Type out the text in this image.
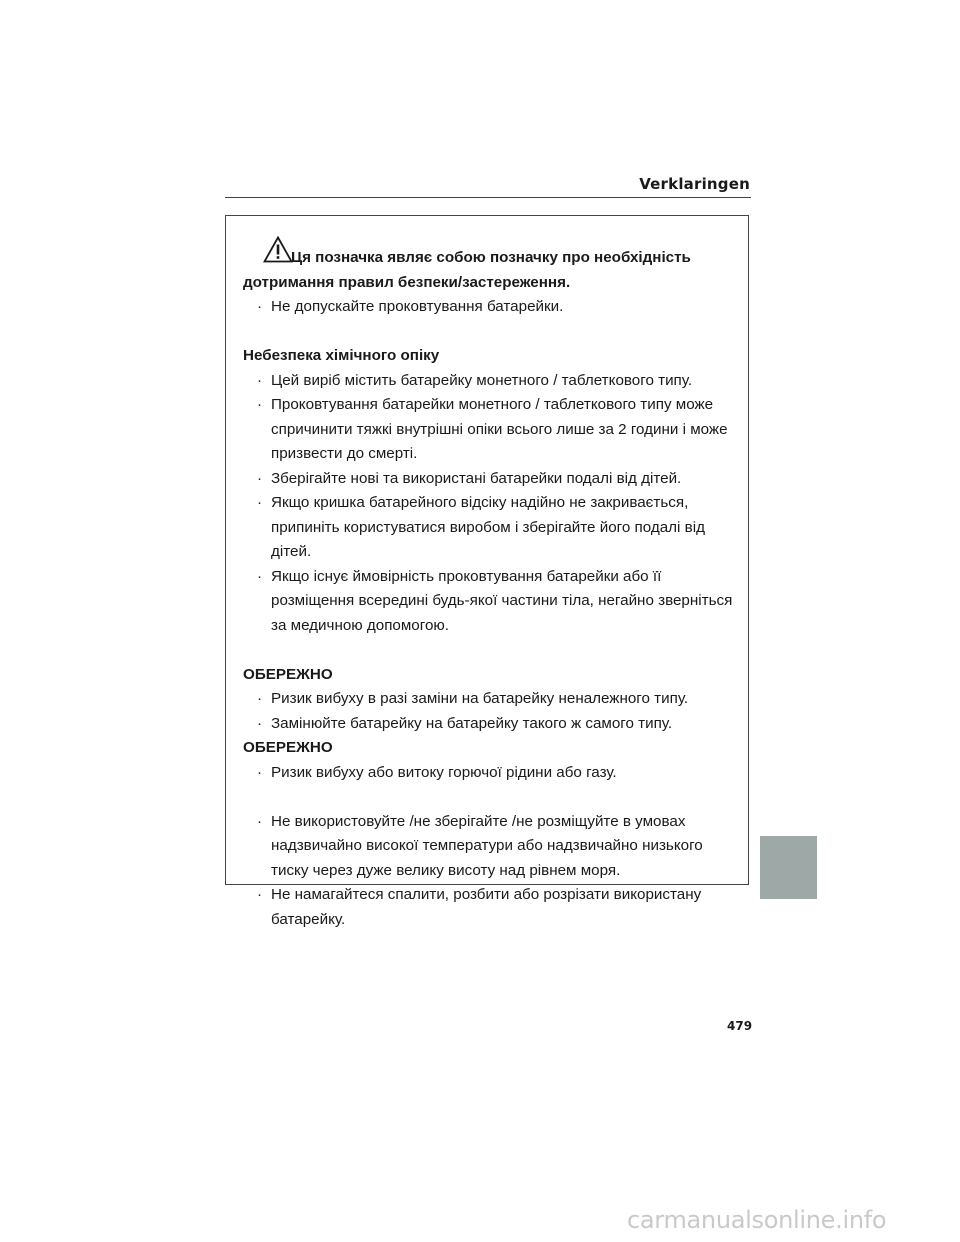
Verklaringen
Ця позначка являє собою позначку про необхідність
дотримання правил безпеки/застереження.
· Не допускайте проковтування батарейки.
Небезпека хімічного опіку
· Цей виріб містить батарейку монетного / таблеткового типу.
· Проковтування батарейки монетного / таблеткового типу може спричинити тяжкі внутрішні опіки всього лише за 2 години і може призвести до смерті.
· Зберігайте нові та використані батарейки подалі від дітей.
· Якщо кришка батарейного відсіку надійно не закривається, припиніть користуватися виробом і зберігайте його подалі від дітей.
· Якщо існує ймовірність проковтування батарейки або її розміщення всередині будь-якої частини тіла, негайно зверніться за медичною допомогою.
ОБЕРЕЖНО
· Ризик вибуху в разі заміни на батарейку неналежного типу.
· Замінюйте батарейку на батарейку такого ж самого типу.
ОБЕРЕЖНО
· Ризик вибуху або витоку горючої рідини або газу.
· Не використовуйте /не зберігайте /не розміщуйте в умовах надзвичайно високої температури або надзвичайно низького тиску через дуже велику висоту над рівнем моря.
· Не намагайтеся спалити, розбити або розрізати використану батарейку.
479
carmanualsonline.info
